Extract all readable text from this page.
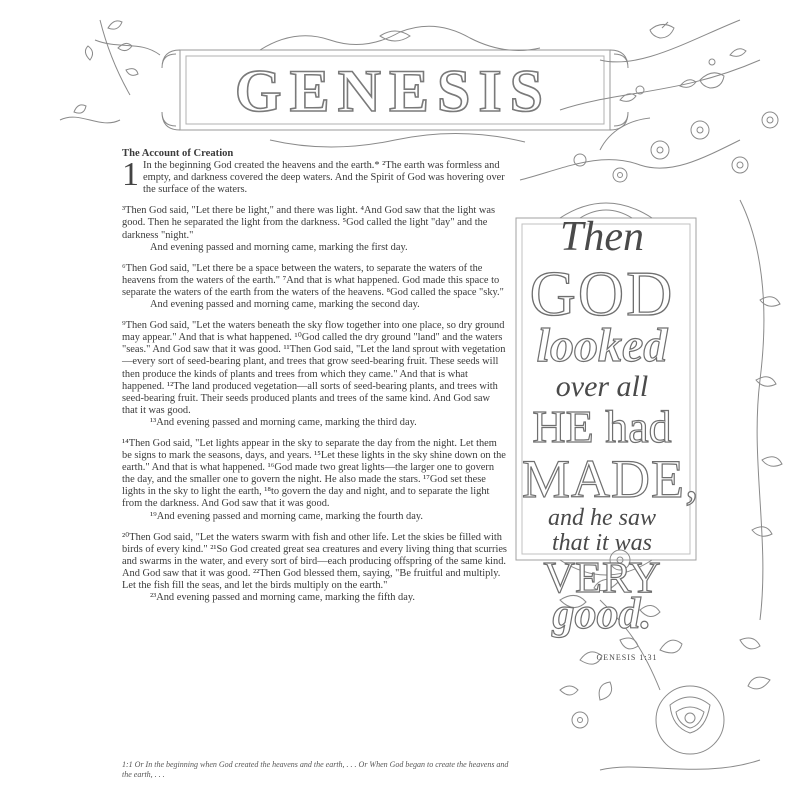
GENESIS
The Account of Creation

1 In the beginning God created the heavens and the earth.* ²The earth was formless and empty, and darkness covered the deep waters. And the Spirit of God was hovering over the surface of the waters.

³Then God said, "Let there be light," and there was light. ⁴And God saw that the light was good. Then he separated the light from the darkness. ⁵God called the light "day" and the darkness "night."
And evening passed and morning came, marking the first day.

⁶Then God said, "Let there be a space between the waters, to separate the waters of the heavens from the waters of the earth." ⁷And that is what happened. God made this space to separate the waters of the earth from the waters of the heavens. ⁸God called the space "sky."
And evening passed and morning came, marking the second day.

⁹Then God said, "Let the waters beneath the sky flow together into one place, so dry ground may appear." And that is what happened. ¹⁰God called the dry ground "land" and the waters "seas." And God saw that it was good. ¹¹Then God said, "Let the land sprout with vegetation—every sort of seed-bearing plant, and trees that grow seed-bearing fruit. These seeds will then produce the kinds of plants and trees from which they came." And that is what happened. ¹²The land produced vegetation—all sorts of seed-bearing plants, and trees with seed-bearing fruit. Their seeds produced plants and trees of the same kind. And God saw that it was good.
¹³And evening passed and morning came, marking the third day.

¹⁴Then God said, "Let lights appear in the sky to separate the day from the night. Let them be signs to mark the seasons, days, and years. ¹⁵Let these lights in the sky shine down on the earth." And that is what happened. ¹⁶God made two great lights—the larger one to govern the day, and the smaller one to govern the night. He also made the stars. ¹⁷God set these lights in the sky to light the earth, ¹⁸to govern the day and night, and to separate the light from the darkness. And God saw that it was good.
¹⁹And evening passed and morning came, marking the fourth day.

²⁰Then God said, "Let the waters swarm with fish and other life. Let the skies be filled with birds of every kind." ²¹So God created great sea creatures and every living thing that scurries and swarms in the water, and every sort of bird—each producing offspring of the same kind. And God saw that it was good. ²²Then God blessed them, saying, "Be fruitful and multiply. Let the fish fill the seas, and let the birds multiply on the earth."
²³And evening passed and morning came, marking the fifth day.

1:1 Or In the beginning when God created the heavens and the earth, . . . Or When God began to create the heavens and the earth, . . .
Then
GOD
looked
over all
HE had
MADE,
and he saw
that it was
VERY
good.
GENESIS 1:31
